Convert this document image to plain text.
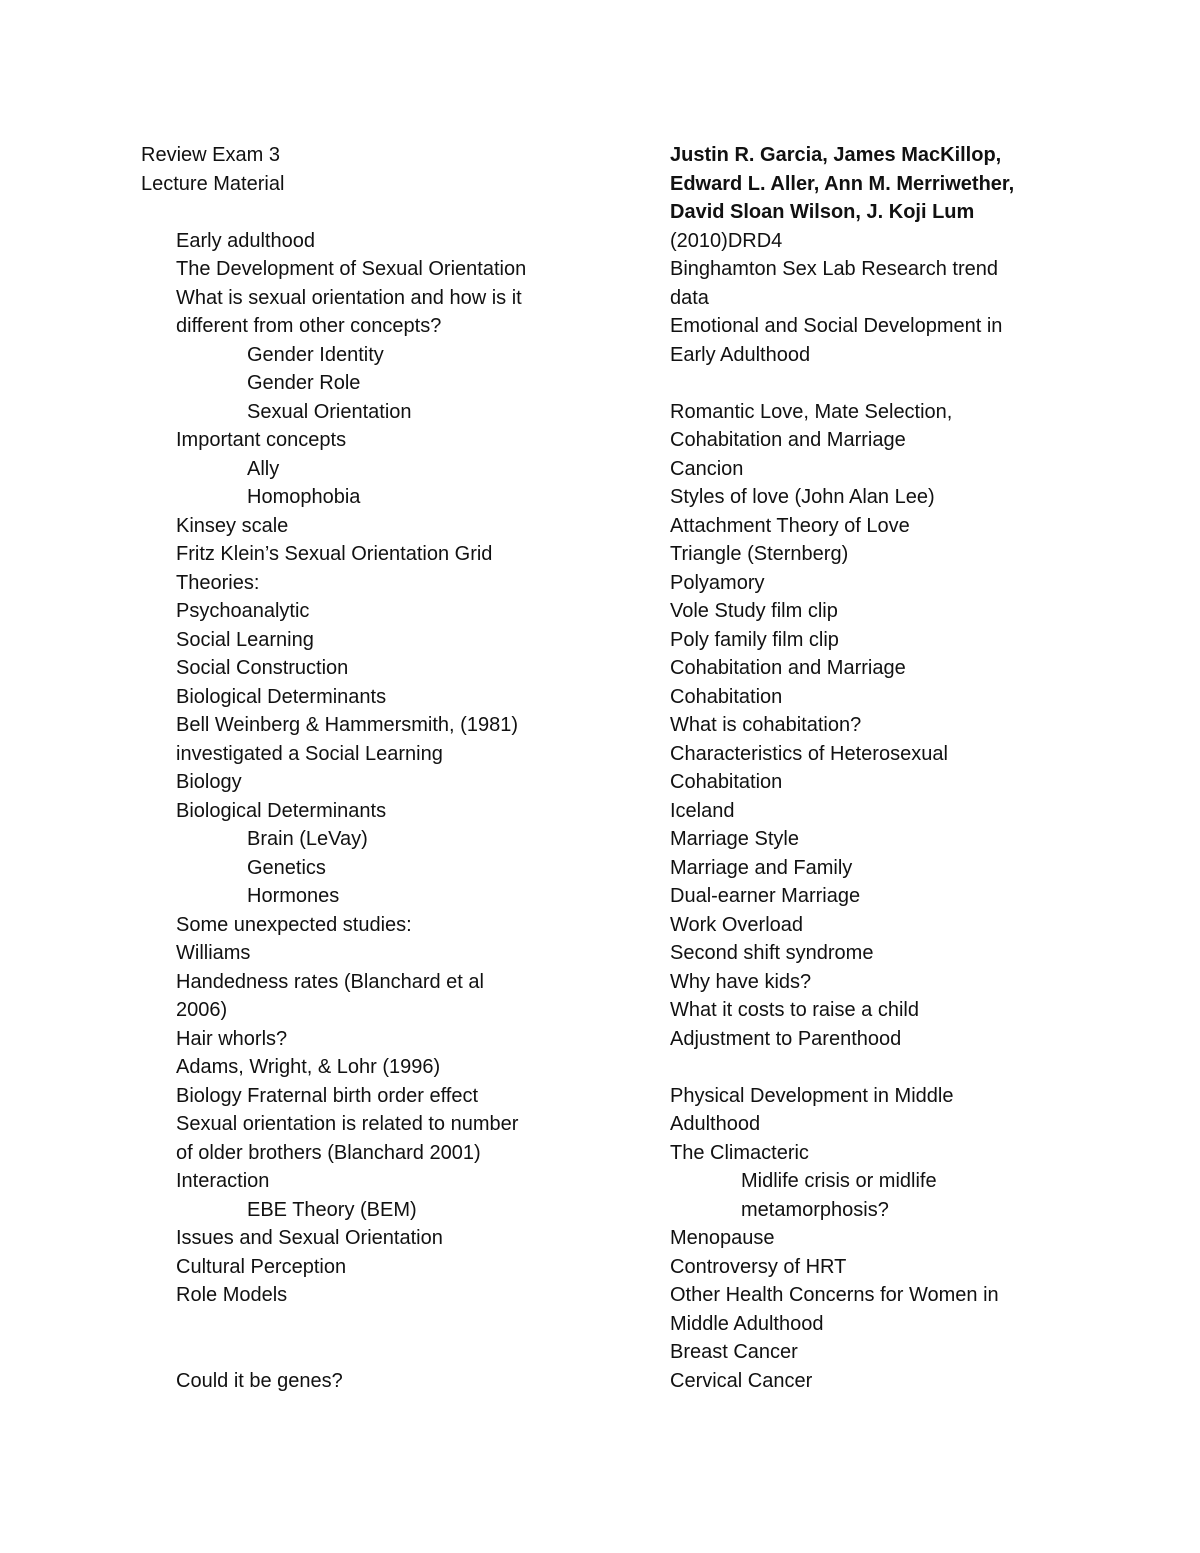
Review Exam 3
Lecture Material
Early adulthood
The Development of Sexual Orientation
What is sexual orientation and how is it
different from other concepts?
Gender Identity
Gender Role
Sexual Orientation
Important concepts
Ally
Homophobia
Kinsey scale
Fritz Klein’s Sexual Orientation Grid
Theories:
Psychoanalytic
Social Learning
Social Construction
Biological Determinants
Bell Weinberg & Hammersmith, (1981)
investigated a Social Learning
Biology
Biological Determinants
Brain (LeVay)
Genetics
Hormones
Some unexpected studies:
Williams
Handedness rates (Blanchard et al
2006)
Hair whorls?
Adams, Wright, & Lohr (1996)
Biology Fraternal birth order effect
Sexual orientation is related to number
of older brothers (Blanchard 2001)
Interaction
EBE Theory (BEM)
Issues and Sexual Orientation
Cultural Perception
Role Models
Could it be genes?
Justin R. Garcia, James MacKillop,
Edward L. Aller, Ann M. Merriwether,
David Sloan Wilson, J. Koji Lum
(2010)DRD4
Binghamton Sex Lab Research trend
data
Emotional and Social Development in
Early Adulthood
Romantic Love, Mate Selection,
Cohabitation and Marriage
Cancion
Styles of love (John Alan Lee)
Attachment Theory of Love
Triangle (Sternberg)
Polyamory
Vole Study film clip
Poly family film clip
Cohabitation and Marriage
Cohabitation
What is cohabitation?
Characteristics of Heterosexual
Cohabitation
Iceland
Marriage Style
Marriage and Family
Dual-earner Marriage
Work Overload
Second shift syndrome
Why have kids?
What it costs to raise a child
Adjustment to Parenthood
Physical Development in Middle
Adulthood
The Climacteric
Midlife crisis or midlife
metamorphosis?
Menopause
Controversy of HRT
Other Health Concerns for Women in
Middle Adulthood
Breast Cancer
Cervical Cancer
